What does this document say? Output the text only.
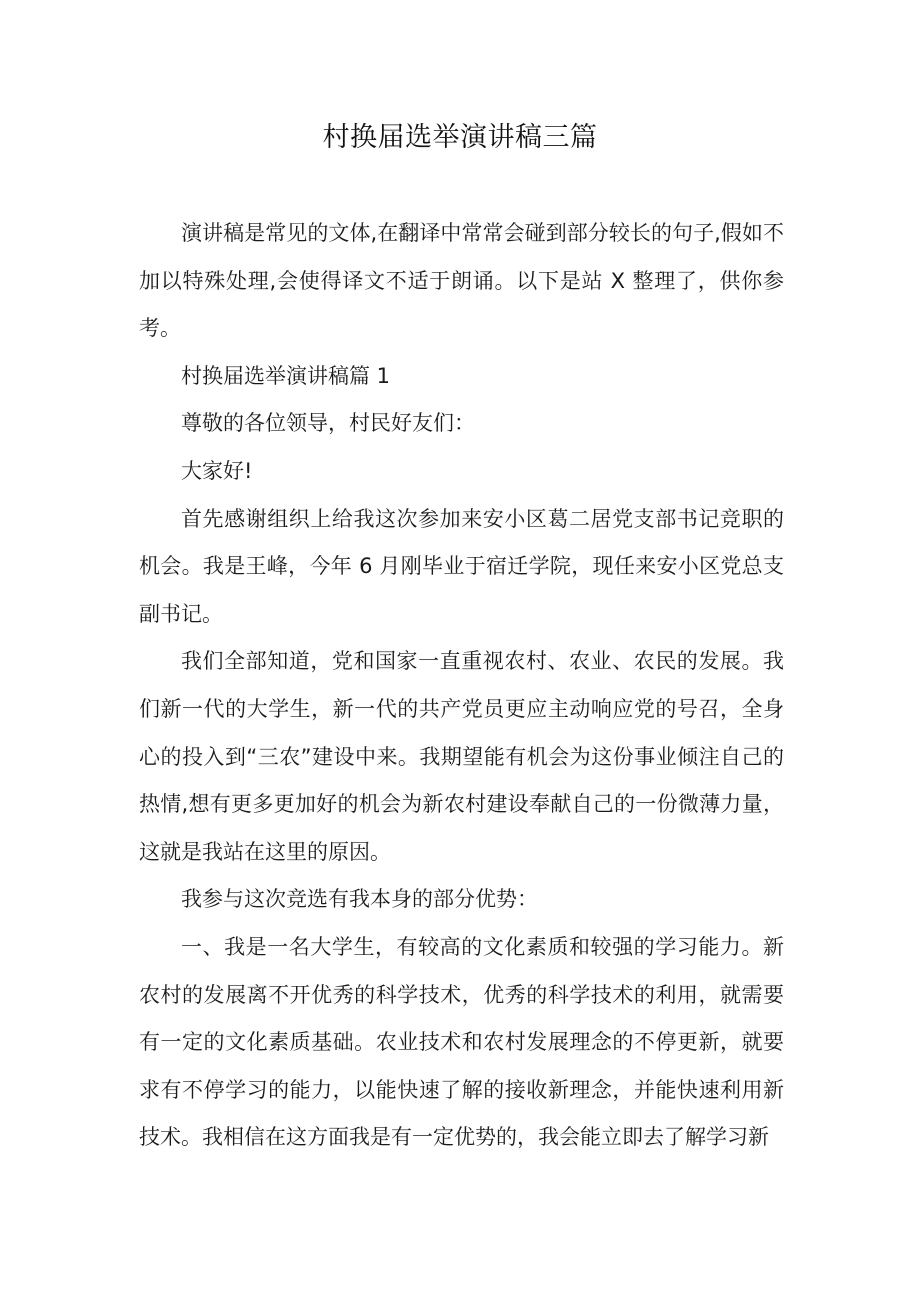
村换届选举演讲稿三篇

演讲稿是常见的文体,在翻译中常常会碰到部分较长的句子,假如不加以特殊处理,会使得译文不适于朗诵。以下是站 X 整理了，供你参考。

村换届选举演讲稿篇 1

尊敬的各位领导，村民好友们：

大家好!

首先感谢组织上给我这次参加来安小区葛二居党支部书记竞职的机会。我是王峰，今年 6 月刚毕业于宿迁学院，现任来安小区党总支副书记。

我们全部知道，党和国家一直重视农村、农业、农民的发展。我们新一代的大学生，新一代的共产党员更应主动响应党的号召，全身心的投入到“三农”建设中来。我期望能有机会为这份事业倾注自己的热情,想有更多更加好的机会为新农村建设奉献自己的一份微薄力量，这就是我站在这里的原因。

我参与这次竞选有我本身的部分优势：

一、我是一名大学生，有较高的文化素质和较强的学习能力。新农村的发展离不开优秀的科学技术，优秀的科学技术的利用，就需要有一定的文化素质基础。农业技术和农村发展理念的不停更新，就要求有不停学习的能力，以能快速了解的接收新理念，并能快速利用新技术。我相信在这方面我是有一定优势的，我会能立即去了解学习新
